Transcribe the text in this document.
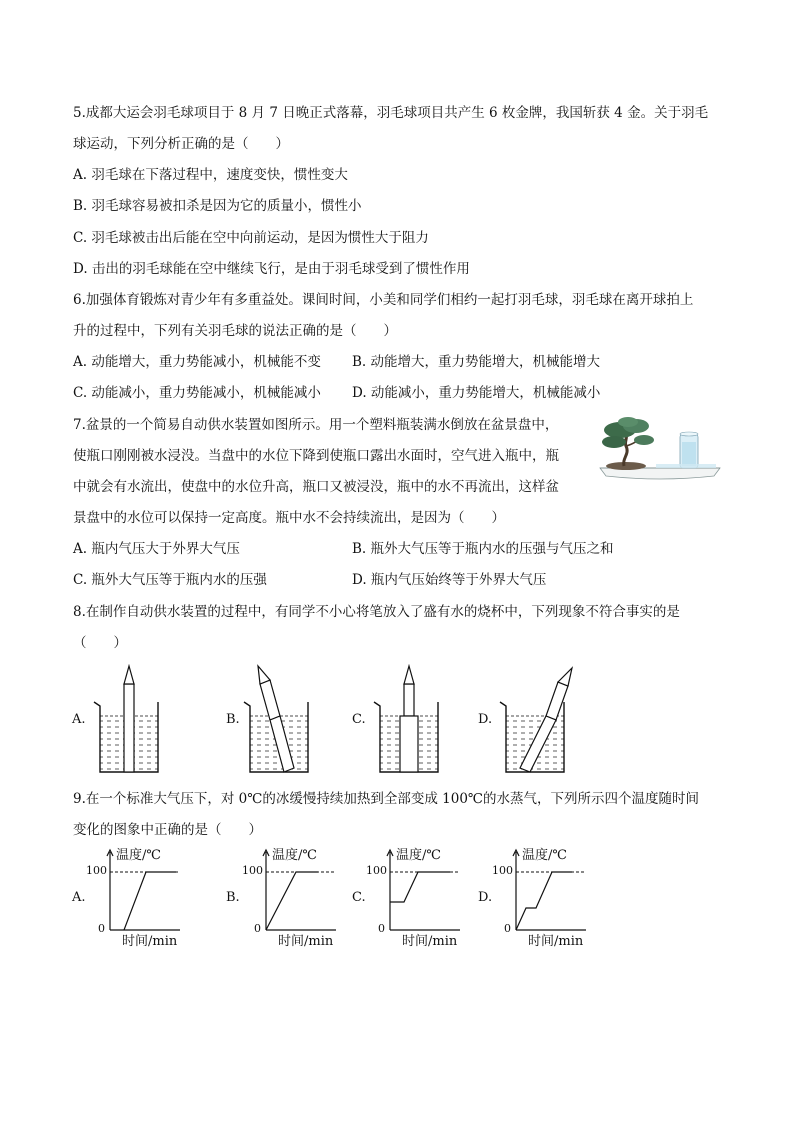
5.成都大运会羽毛球项目于 8 月 7 日晚正式落幕，羽毛球项目共产生 6 枚金牌，我国斩获 4 金。关于羽毛
球运动，下列分析正确的是（　　）
A. 羽毛球在下落过程中，速度变快，惯性变大
B. 羽毛球容易被扣杀是因为它的质量小，惯性小
C. 羽毛球被击出后能在空中向前运动，是因为惯性大于阻力
D. 击出的羽毛球能在空中继续飞行，是由于羽毛球受到了惯性作用
6.加强体育锻炼对青少年有多重益处。课间时间，小美和同学们相约一起打羽毛球，羽毛球在离开球拍上
升的过程中，下列有关羽毛球的说法正确的是（　　）
A. 动能增大，重力势能减小，机械能不变 B. 动能增大，重力势能增大，机械能增大
C. 动能减小，重力势能减小，机械能减小 D. 动能减小，重力势能增大，机械能减小
7.盆景的一个简易自动供水装置如图所示。用一个塑料瓶装满水倒放在盆景盘中，
使瓶口刚刚被水浸没。当盘中的水位下降到使瓶口露出水面时，空气进入瓶中，瓶
中就会有水流出，使盘中的水位升高，瓶口又被浸没，瓶中的水不再流出，这样盆
景盘中的水位可以保持一定高度。瓶中水不会持续流出，是因为（　　）
A. 瓶内气压大于外界大气压	B. 瓶外大气压等于瓶内水的压强与气压之和
C. 瓶外大气压等于瓶内水的压强	D. 瓶内气压始终等于外界大气压
8.在制作自动供水装置的过程中，有同学不小心将笔放入了盛有水的烧杯中，下列现象不符合事实的是
（　　）
A.	B.	C.	D.
9.在一个标准大气压下，对 0℃的冰缓慢持续加热到全部变成 100℃的水蒸气，下列所示四个温度随时间
变化的图象中正确的是（　　）
A.	B.	C.	D.
温度/℃
100
0
时间/min
温度/℃
100
0
时间/min
温度/℃
100
0
时间/min
温度/℃
100
0
时间/min
